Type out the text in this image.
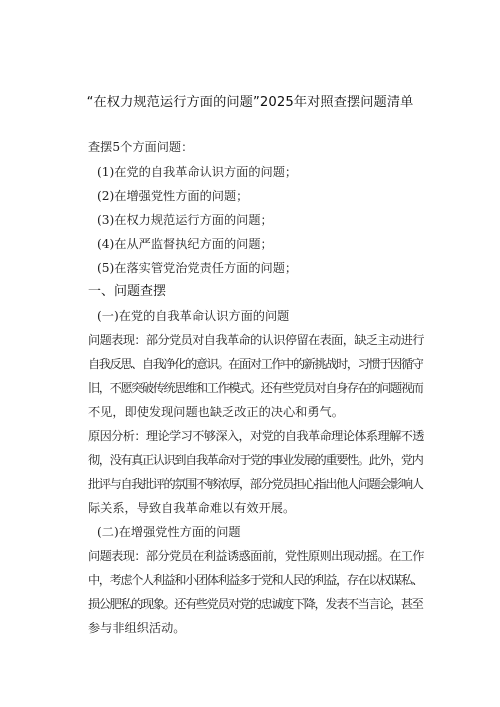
“在权力规范运行方面的问题”2025年对照查摆问题清单
查摆5个方面问题：
(1)在党的自我革命认识方面的问题；
(2)在增强党性方面的问题；
(3)在权力规范运行方面的问题；
(4)在从严监督执纪方面的问题；
(5)在落实管党治党责任方面的问题；
一、问题查摆
(一)在党的自我革命认识方面的问题
问题表现：部分党员对自我革命的认识停留在表面，缺乏主动进行
自我反思、自我净化的意识。在面对工作中的新挑战时，习惯于因循守
旧，不愿突破传统思维和工作模式。还有些党员对自身存在的问题视而
不见，即使发现问题也缺乏改正的决心和勇气。
原因分析：理论学习不够深入，对党的自我革命理论体系理解不透
彻，没有真正认识到自我革命对于党的事业发展的重要性。此外，党内
批评与自我批评的氛围不够浓厚，部分党员担心指出他人问题会影响人
际关系，导致自我革命难以有效开展。
(二)在增强党性方面的问题
问题表现：部分党员在利益诱惑面前，党性原则出现动摇。在工作
中，考虑个人利益和小团体利益多于党和人民的利益，存在以权谋私、
损公肥私的现象。还有些党员对党的忠诚度下降，发表不当言论，甚至
参与非组织活动。
